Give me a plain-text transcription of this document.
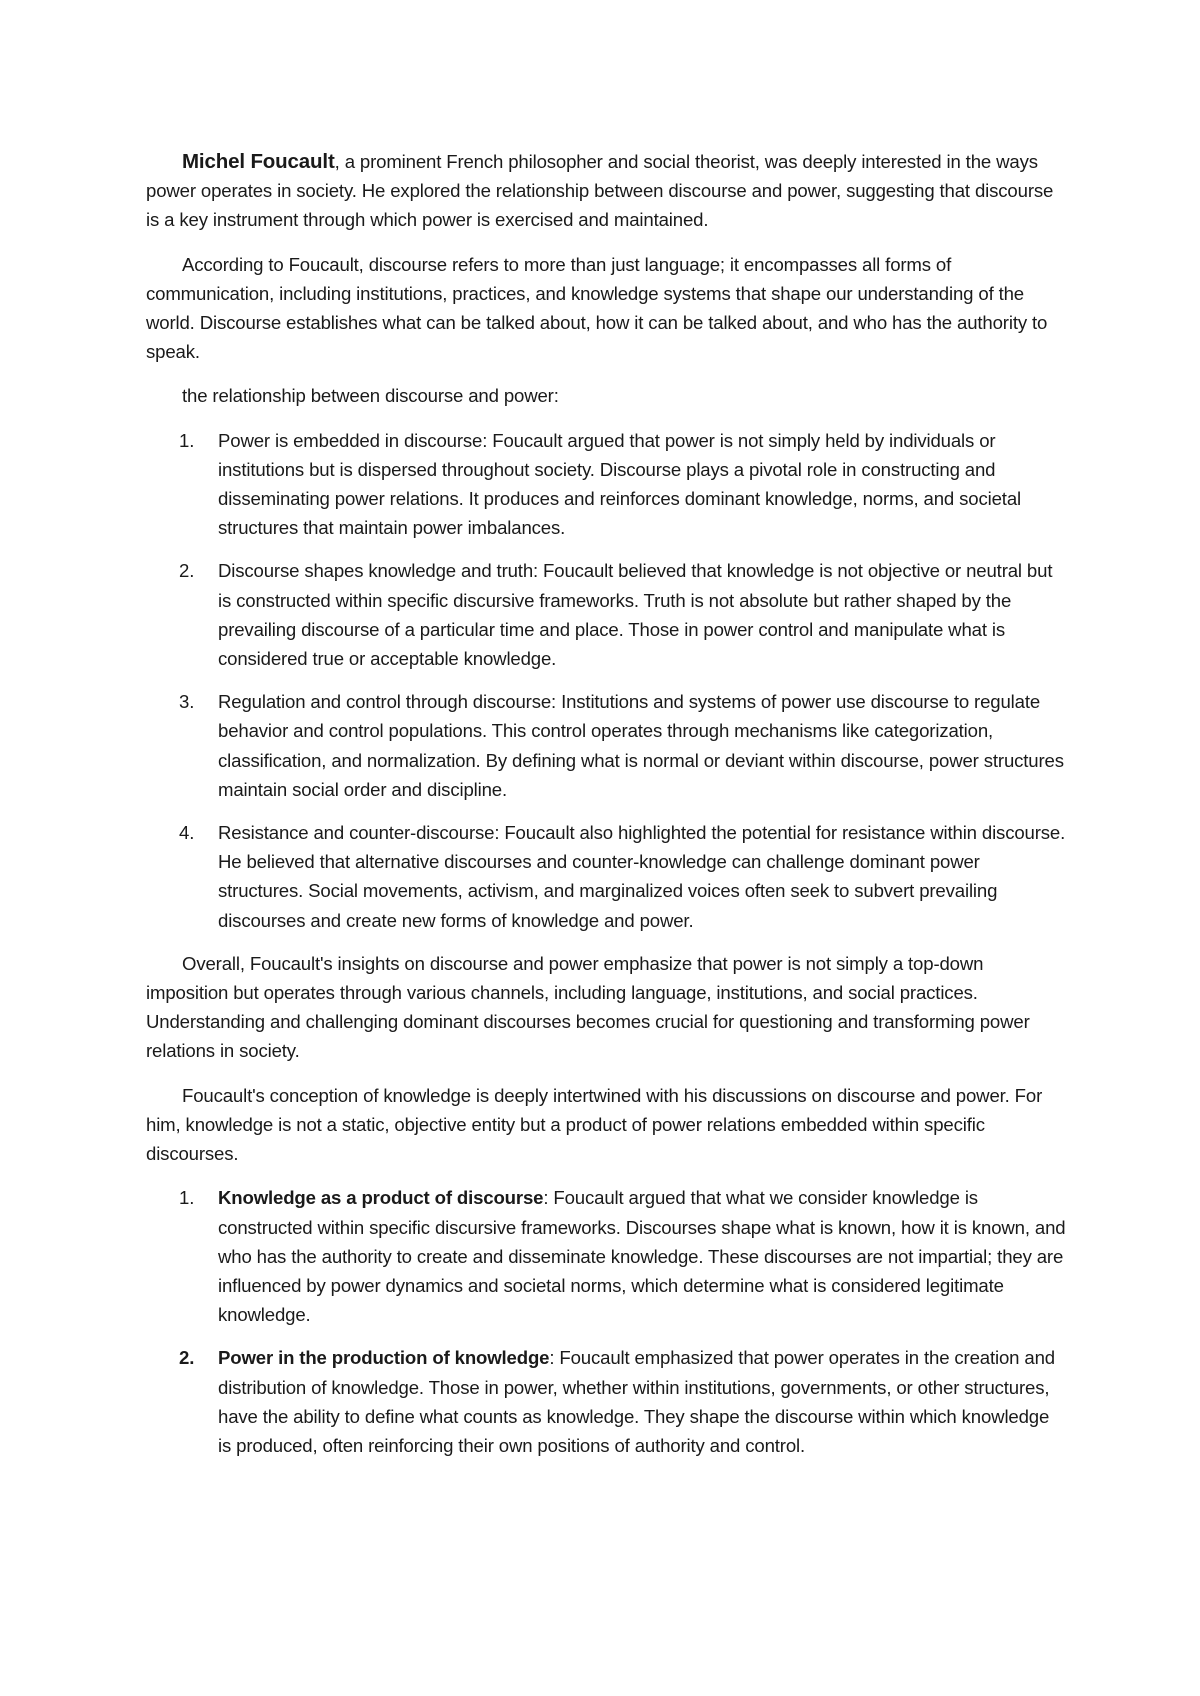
Michel Foucault, a prominent French philosopher and social theorist, was deeply interested in the ways power operates in society. He explored the relationship between discourse and power, suggesting that discourse is a key instrument through which power is exercised and maintained.

According to Foucault, discourse refers to more than just language; it encompasses all forms of communication, including institutions, practices, and knowledge systems that shape our understanding of the world. Discourse establishes what can be talked about, how it can be talked about, and who has the authority to speak.

the relationship between discourse and power:

1. Power is embedded in discourse: Foucault argued that power is not simply held by individuals or institutions but is dispersed throughout society. Discourse plays a pivotal role in constructing and disseminating power relations. It produces and reinforces dominant knowledge, norms, and societal structures that maintain power imbalances.
2. Discourse shapes knowledge and truth: Foucault believed that knowledge is not objective or neutral but is constructed within specific discursive frameworks. Truth is not absolute but rather shaped by the prevailing discourse of a particular time and place. Those in power control and manipulate what is considered true or acceptable knowledge.
3. Regulation and control through discourse: Institutions and systems of power use discourse to regulate behavior and control populations. This control operates through mechanisms like categorization, classification, and normalization. By defining what is normal or deviant within discourse, power structures maintain social order and discipline.
4. Resistance and counter-discourse: Foucault also highlighted the potential for resistance within discourse. He believed that alternative discourses and counter-knowledge can challenge dominant power structures. Social movements, activism, and marginalized voices often seek to subvert prevailing discourses and create new forms of knowledge and power.

Overall, Foucault's insights on discourse and power emphasize that power is not simply a top-down imposition but operates through various channels, including language, institutions, and social practices. Understanding and challenging dominant discourses becomes crucial for questioning and transforming power relations in society.

Foucault's conception of knowledge is deeply intertwined with his discussions on discourse and power. For him, knowledge is not a static, objective entity but a product of power relations embedded within specific discourses.

1. Knowledge as a product of discourse: Foucault argued that what we consider knowledge is constructed within specific discursive frameworks. Discourses shape what is known, how it is known, and who has the authority to create and disseminate knowledge. These discourses are not impartial; they are influenced by power dynamics and societal norms, which determine what is considered legitimate knowledge.
2. Power in the production of knowledge: Foucault emphasized that power operates in the creation and distribution of knowledge. Those in power, whether within institutions, governments, or other structures, have the ability to define what counts as knowledge. They shape the discourse within which knowledge is produced, often reinforcing their own positions of authority and control.
